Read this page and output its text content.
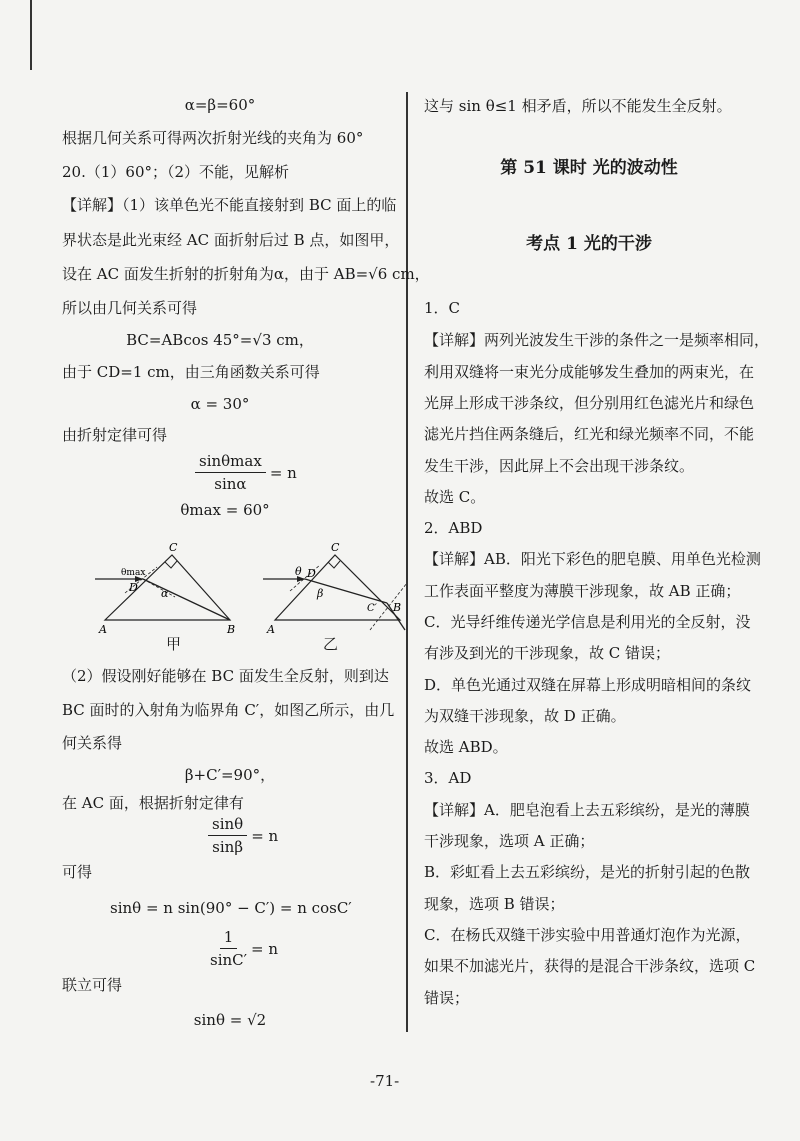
α=β=60°
根据几何关系可得两次折射光线的夹角为 60°
20.（1）60°；（2）不能，见解析
【详解】（1）该单色光不能直接射到 BC 面上的临
界状态是此光束经 AC 面折射后过 B 点，如图甲，
设在 AC 面发生折射的折射角为α，由于 AB=√6 cm，
所以由几何关系可得
BC=ABcos 45°=√3 cm，
由于 CD=1 cm，由三角函数关系可得
α = 30°
由折射定律可得
$\frac{\sin\theta\max}{\sin\alpha} = n$
θmax = 60°
θmax
D α
C
A	B
θ D
β
C′
C
A
B
甲	乙
（2）假设刚好能够在 BC 面发生全反射，则到达
BC 面时的入射角为临界角 C′，如图乙所示，由几
何关系得
β+C′=90°，
在 AC 面，根据折射定律有
$\frac{\sin\theta}{\sin\beta} = n$
可得
sinθ = n sin(90° − C′) = n cosC′
$\frac{1}{\sin C'} = n$
联立可得
sinθ = √2
这与 sin θ≤1 相矛盾，所以不能发生全反射。
第 51 课时 光的波动性
考点 1 光的干涉
1．C
【详解】两列光波发生干涉的条件之一是频率相同，
利用双缝将一束光分成能够发生叠加的两束光，在
光屏上形成干涉条纹，但分别用红色滤光片和绿色
滤光片挡住两条缝后，红光和绿光频率不同，不能
发生干涉，因此屏上不会出现干涉条纹。
故选 C。
2．ABD
【详解】AB．阳光下彩色的肥皂膜、用单色光检测
工作表面平整度为薄膜干涉现象，故 AB 正确；
C．光导纤维传递光学信息是利用光的全反射，没
有涉及到光的干涉现象，故 C 错误；
D．单色光通过双缝在屏幕上形成明暗相间的条纹
为双缝干涉现象，故 D 正确。
故选 ABD。
3．AD
【详解】A．肥皂泡看上去五彩缤纷，是光的薄膜
干涉现象，选项 A 正确；
B．彩虹看上去五彩缤纷，是光的折射引起的色散
现象，选项 B 错误；
C．在杨氏双缝干涉实验中用普通灯泡作为光源，
如果不加滤光片，获得的是混合干涉条纹，选项 C
错误；
-71-
